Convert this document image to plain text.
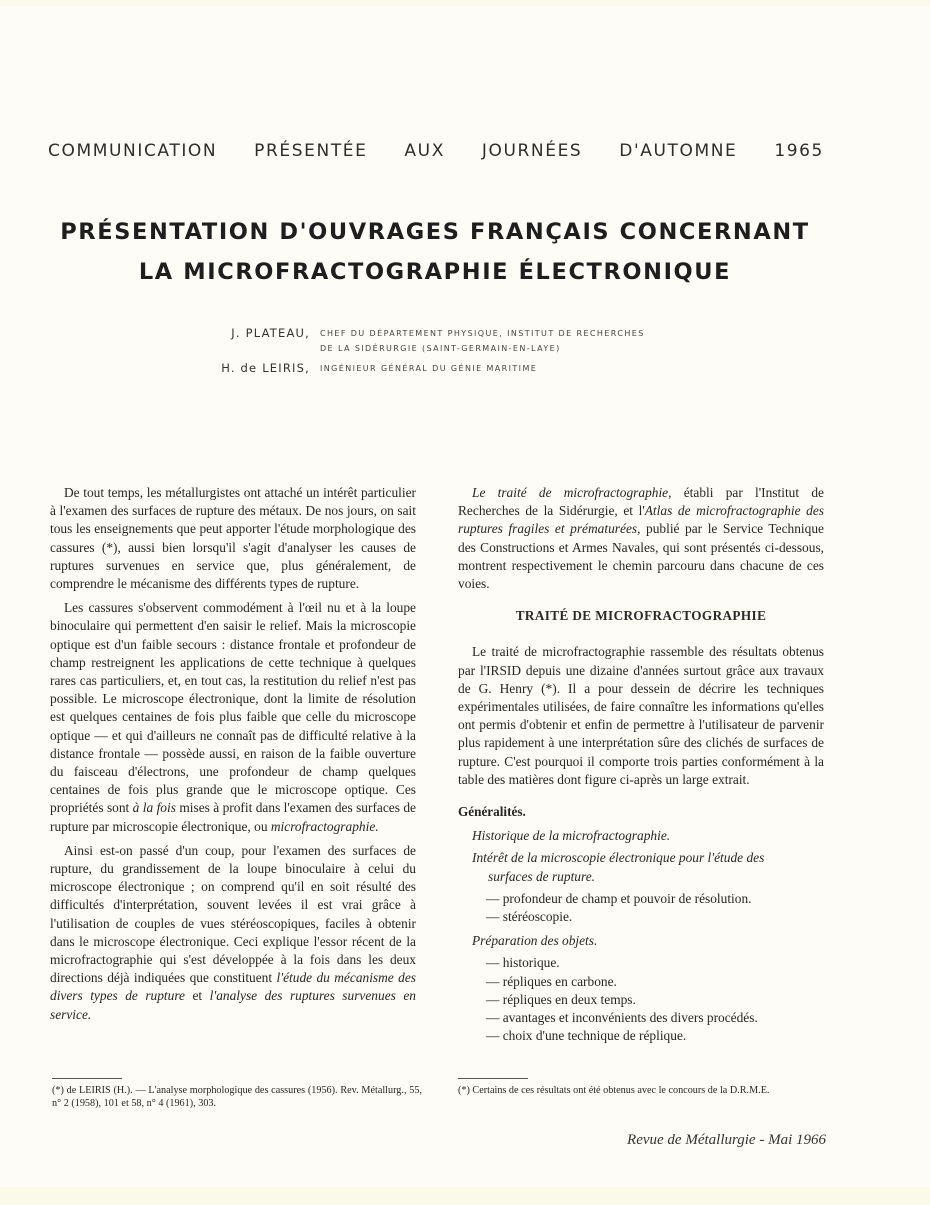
COMMUNICATION PRÉSENTÉE AUX JOURNÉES D'AUTOMNE 1965
PRÉSENTATION D'OUVRAGES FRANÇAIS CONCERNANT
LA MICROFRACTOGRAPHIE ÉLECTRONIQUE
J. PLATEAU,	CHEF DU DÉPARTEMENT PHYSIQUE, INSTITUT DE RECHERCHES
DE LA SIDÉRURGIE (SAINT-GERMAIN-EN-LAYE)
H. de LEIRIS,	INGÉNIEUR GÉNÉRAL DU GÉNIE MARITIME

De tout temps, les métallurgistes ont attaché un intérêt particulier à l'examen des surfaces de rupture des métaux. De nos jours, on sait tous les enseignements que peut apporter l'étude morphologique des cassures (*), aussi bien lorsqu'il s'agit d'analyser les causes de ruptures survenues en service que, plus généralement, de comprendre le mécanisme des différents types de rupture.

Les cassures s'observent commodément à l'œil nu et à la loupe binoculaire qui permettent d'en saisir le relief. Mais la microscopie optique est d'un faible secours : distance frontale et profondeur de champ restreignent les applications de cette technique à quelques rares cas particuliers, et, en tout cas, la restitution du relief n'est pas possible. Le microscope électronique, dont la limite de résolution est quelques centaines de fois plus faible que celle du microscope optique — et qui d'ailleurs ne connaît pas de difficulté relative à la distance frontale — possède aussi, en raison de la faible ouverture du faisceau d'électrons, une profondeur de champ quelques centaines de fois plus grande que le microscope optique. Ces propriétés sont à la fois mises à profit dans l'examen des surfaces de rupture par microscopie électronique, ou microfractographie.

Ainsi est-on passé d'un coup, pour l'examen des surfaces de rupture, du grandissement de la loupe binoculaire à celui du microscope électronique ; on comprend qu'il en soit résulté des difficultés d'interprétation, souvent levées il est vrai grâce à l'utilisation de couples de vues stéréoscopiques, faciles à obtenir dans le microscope électronique. Ceci explique l'essor récent de la microfractographie qui s'est développée à la fois dans les deux directions déjà indiquées que constituent l'étude du mécanisme des divers types de rupture et l'analyse des ruptures survenues en service.

Le traité de microfractographie, établi par l'Institut de Recherches de la Sidérurgie, et l'Atlas de microfractographie des ruptures fragiles et prématurées, publié par le Service Technique des Constructions et Armes Navales, qui sont présentés ci-dessous, montrent respectivement le chemin parcouru dans chacune de ces voies.

TRAITÉ DE MICROFRACTOGRAPHIE

Le traité de microfractographie rassemble des résultats obtenus par l'IRSID depuis une dizaine d'années surtout grâce aux travaux de G. Henry (*). Il a pour dessein de décrire les techniques expérimentales utilisées, de faire connaître les informations qu'elles ont permis d'obtenir et enfin de permettre à l'utilisateur de parvenir plus rapidement à une interprétation sûre des clichés de surfaces de rupture. C'est pourquoi il comporte trois parties conformément à la table des matières dont figure ci-après un large extrait.

Généralités.
Historique de la microfractographie.
Intérêt de la microscopie électronique pour l'étude des
surfaces de rupture.
— profondeur de champ et pouvoir de résolution.
— stéréoscopie.
Préparation des objets.
— historique.
— répliques en carbone.
— répliques en deux temps.
— avantages et inconvénients des divers procédés.
— choix d'une technique de réplique.
(*) de LEIRIS (H.). — L'analyse morphologique des cassures (1956). Rev. Métallurg., 55, n° 2 (1958), 101 et 58, n° 4 (1961), 303.
(*) Certains de ces résultats ont été obtenus avec le concours de la D.R.M.E.
Revue de Métallurgie - Mai 1966
